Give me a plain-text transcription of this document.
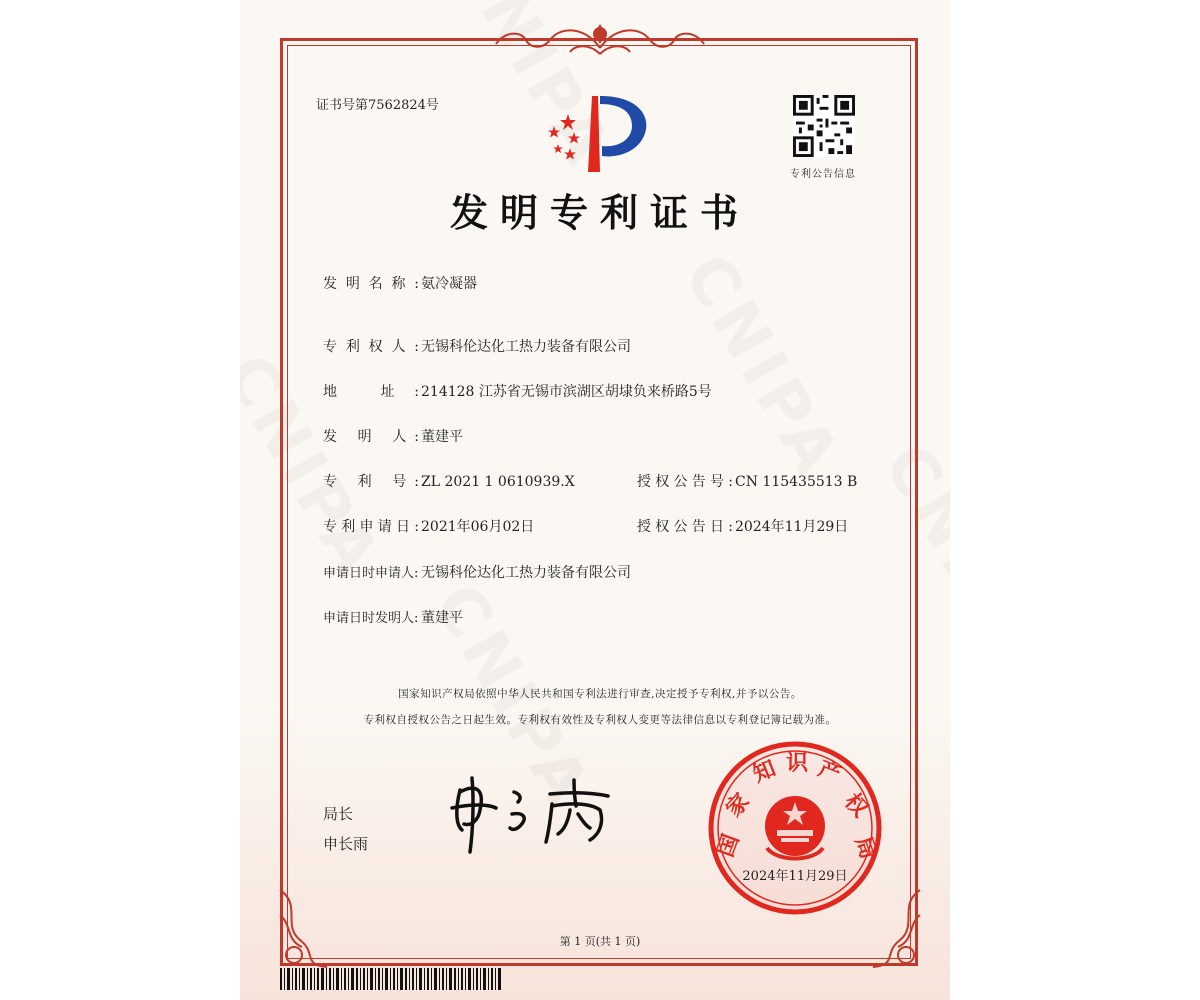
证书号第7562824号
专利公告信息
发明专利证书
发明名称: 氨冷凝器
专利权人: 无锡科伦达化工热力装备有限公司
地 址: 214128 江苏省无锡市滨湖区胡埭负来桥路5号
发 明 人: 董建平
专 利 号: ZL 2021 1 0610939.X	授权公告号: CN 115435513 B
专利申请日: 2021年06月02日	授权公告日: 2024年11月29日
申请日时申请人: 无锡科伦达化工热力装备有限公司
申请日时发明人: 董建平
国家知识产权局依照中华人民共和国专利法进行审查,决定授予专利权,并予以公告。
专利权自授权公告之日起生效。专利权有效性及专利权人变更等法律信息以专利登记簿记载为准。
局长
申长雨	国
家
知 识 产
权
局
2024年11月29日
第 1 页(共 1 页)
